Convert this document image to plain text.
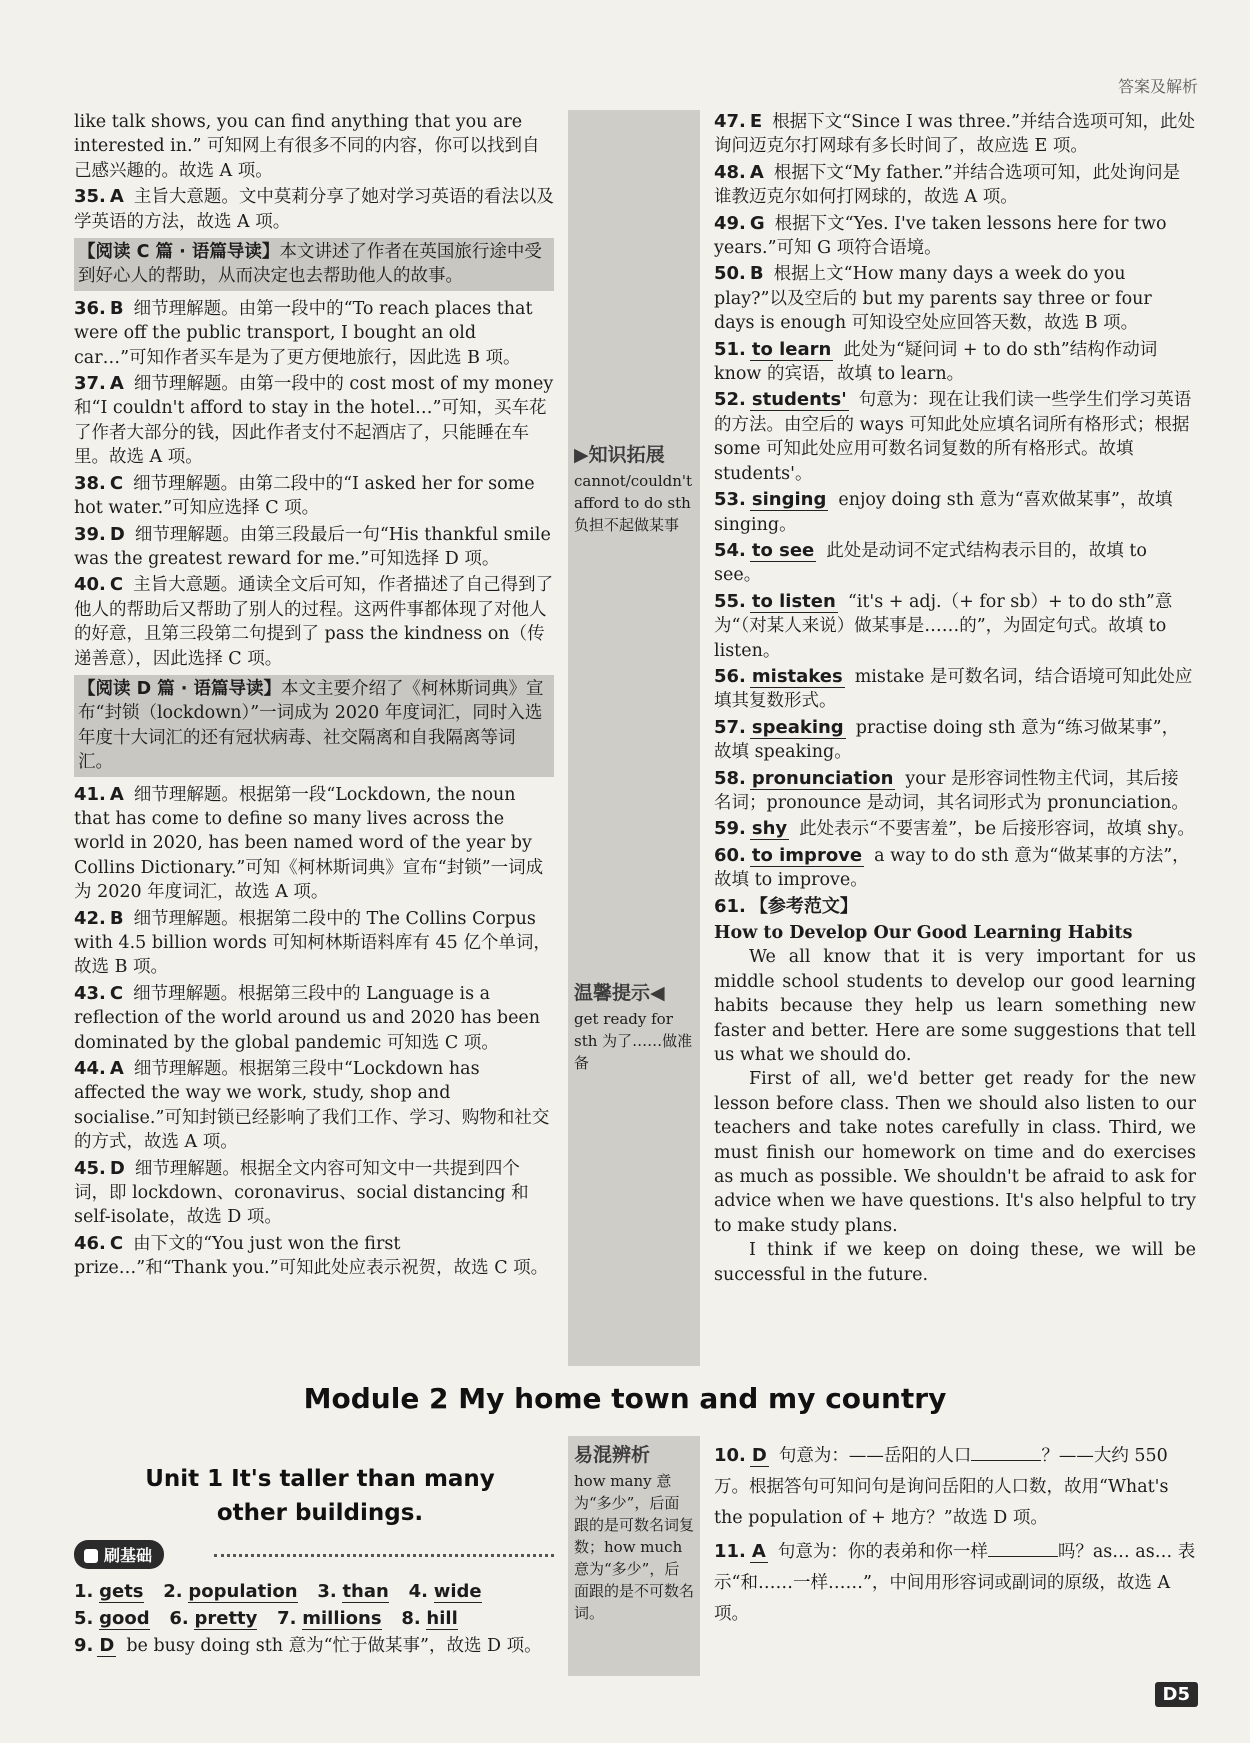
答案及解析

like talk shows, you can find anything that you are interested in.” 可知网上有很多不同的内容，你可以找到自己感兴趣的。故选 A 项。

35. A 主旨大意题。文中莫莉分享了她对学习英语的看法以及学英语的方法，故选 A 项。

【阅读 C 篇 · 语篇导读】本文讲述了作者在英国旅行途中受到好心人的帮助，从而决定也去帮助他人的故事。

36. B 细节理解题。由第一段中的“To reach places that were off the public transport, I bought an old car…”可知作者买车是为了更方便地旅行，因此选 B 项。

37. A 细节理解题。由第一段中的 cost most of my money 和“I couldn't afford to stay in the hotel…”可知，买车花了作者大部分的钱，因此作者支付不起酒店了，只能睡在车里。故选 A 项。

38. C 细节理解题。由第二段中的“I asked her for some hot water.”可知应选择 C 项。

39. D 细节理解题。由第三段最后一句“His thankful smile was the greatest reward for me.”可知选择 D 项。

40. C 主旨大意题。通读全文后可知，作者描述了自己得到了他人的帮助后又帮助了别人的过程。这两件事都体现了对他人的好意，且第三段第二句提到了 pass the kindness on（传递善意），因此选择 C 项。

【阅读 D 篇 · 语篇导读】本文主要介绍了《柯林斯词典》宣布“封锁（lockdown）”一词成为 2020 年度词汇，同时入选年度十大词汇的还有冠状病毒、社交隔离和自我隔离等词汇。

41. A 细节理解题。根据第一段“Lockdown, the noun that has come to define so many lives across the world in 2020, has been named word of the year by Collins Dictionary.”可知《柯林斯词典》宣布“封锁”一词成为 2020 年度词汇，故选 A 项。

42. B 细节理解题。根据第二段中的 The Collins Corpus with 4.5 billion words 可知柯林斯语料库有 45 亿个单词，故选 B 项。

43. C 细节理解题。根据第三段中的 Language is a reflection of the world around us and 2020 has been dominated by the global pandemic 可知选 C 项。

44. A 细节理解题。根据第三段中“Lockdown has affected the way we work, study, shop and socialise.”可知封锁已经影响了我们工作、学习、购物和社交的方式，故选 A 项。

45. D 细节理解题。根据全文内容可知文中一共提到四个词，即 lockdown、coronavirus、social distancing 和 self-isolate，故选 D 项。

46. C 由下文的“You just won the first prize…”和“Thank you.”可知此处应表示祝贺，故选 C 项。

▶知识拓展

cannot/couldn't afford to do sth 负担不起做某事

温馨提示◀

get ready for sth 为了……做准备

47. E 根据下文“Since I was three.”并结合选项可知，此处询问迈克尔打网球有多长时间了，故应选 E 项。

48. A 根据下文“My father.”并结合选项可知，此处询问是谁教迈克尔如何打网球的，故选 A 项。

49. G 根据下文“Yes. I've taken lessons here for two years.”可知 G 项符合语境。

50. B 根据上文“How many days a week do you play?”以及空后的 but my parents say three or four days is enough 可知设空处应回答天数，故选 B 项。

51. to learn 此处为“疑问词 + to do sth”结构作动词 know 的宾语，故填 to learn。

52. students' 句意为：现在让我们读一些学生们学习英语的方法。由空后的 ways 可知此处应填名词所有格形式；根据 some 可知此处应用可数名词复数的所有格形式。故填 students'。

53. singing enjoy doing sth 意为“喜欢做某事”，故填 singing。

54. to see 此处是动词不定式结构表示目的，故填 to see。

55. to listen “it's + adj.（+ for sb）+ to do sth”意为“（对某人来说）做某事是……的”，为固定句式。故填 to listen。

56. mistakes mistake 是可数名词，结合语境可知此处应填其复数形式。

57. speaking practise doing sth 意为“练习做某事”，故填 speaking。

58. pronunciation your 是形容词性物主代词，其后接名词；pronounce 是动词，其名词形式为 pronunciation。

59. shy 此处表示“不要害羞”，be 后接形容词，故填 shy。

60. to improve a way to do sth 意为“做某事的方法”，故填 to improve。

61. 【参考范文】

How to Develop Our Good Learning Habits

We all know that it is very important for us middle school students to develop our good learning habits because they help us learn something new faster and better. Here are some suggestions that tell us what we should do.

First of all, we'd better get ready for the new lesson before class. Then we should also listen to our teachers and take notes carefully in class. Third, we must finish our homework on time and do exercises as much as possible. We shouldn't be afraid to ask for advice when we have questions. It's also helpful to try to make study plans.

I think if we keep on doing these, we will be successful in the future.

Module 2 My home town and my country
Unit 1 It's taller than many other buildings.
刷基础
1. gets 2. population 3. than 4. wide
5. good 6. pretty 7. millions 8. hill
9. D be busy doing sth 意为“忙于做某事”，故选 D 项。

易混辨析

how many 意为“多少”，后面跟的是可数名词复数；how much 意为“多少”，后面跟的是不可数名词。

10. D 句意为：——岳阳的人口	？——大约 550 万。根据答句可知问句是询问岳阳的人口数，故用“What's the population of + 地方？”故选 D 项。

11. A 句意为：你的表弟和你一样	吗？as… as… 表示“和……一样……”，中间用形容词或副词的原级，故选 A 项。

D5
